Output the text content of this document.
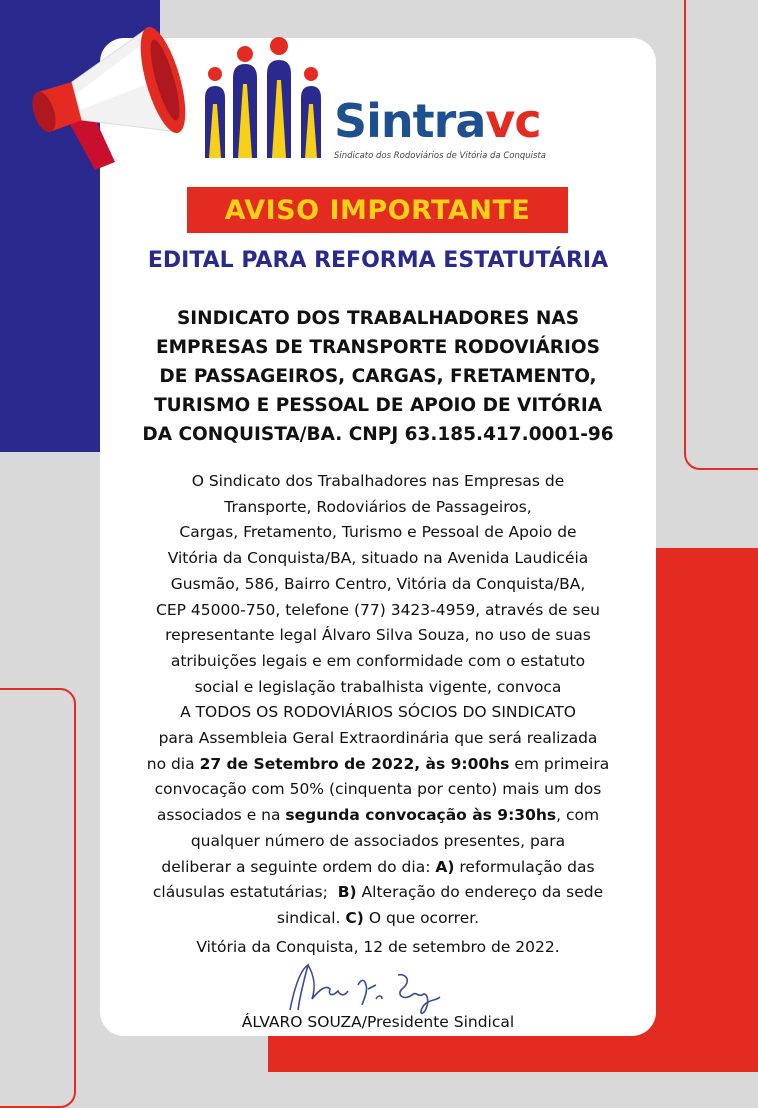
Sintravc
Sindicato dos Rodoviários de Vitória da Conquista
AVISO IMPORTANTE
EDITAL PARA REFORMA ESTATUTÁRIA
SINDICATO DOS TRABALHADORES NAS
EMPRESAS DE TRANSPORTE RODOVIÁRIOS
DE PASSAGEIROS, CARGAS, FRETAMENTO,
TURISMO E PESSOAL DE APOIO DE VITÓRIA
DA CONQUISTA/BA. CNPJ 63.185.417.0001-96
O Sindicato dos Trabalhadores nas Empresas de
Transporte, Rodoviários de Passageiros,
Cargas, Fretamento, Turismo e Pessoal de Apoio de
Vitória da Conquista/BA, situado na Avenida Laudicéia
Gusmão, 586, Bairro Centro, Vitória da Conquista/BA,
CEP 45000-750, telefone (77) 3423-4959, através de seu
representante legal Álvaro Silva Souza, no uso de suas
atribuições legais e em conformidade com o estatuto
social e legislação trabalhista vigente, convoca
A TODOS OS RODOVIÁRIOS SÓCIOS DO SINDICATO
para Assembleia Geral Extraordinária que será realizada
no dia 27 de Setembro de 2022, às 9:00hs em primeira
convocação com 50% (cinquenta por cento) mais um dos
associados e na segunda convocação às 9:30hs, com
qualquer número de associados presentes, para
deliberar a seguinte ordem do dia: A) reformulação das
cláusulas estatutárias;  B) Alteração do endereço da sede
sindical. C) O que ocorrer.
Vitória da Conquista, 12 de setembro de 2022.
ÁLVARO SOUZA/Presidente Sindical
